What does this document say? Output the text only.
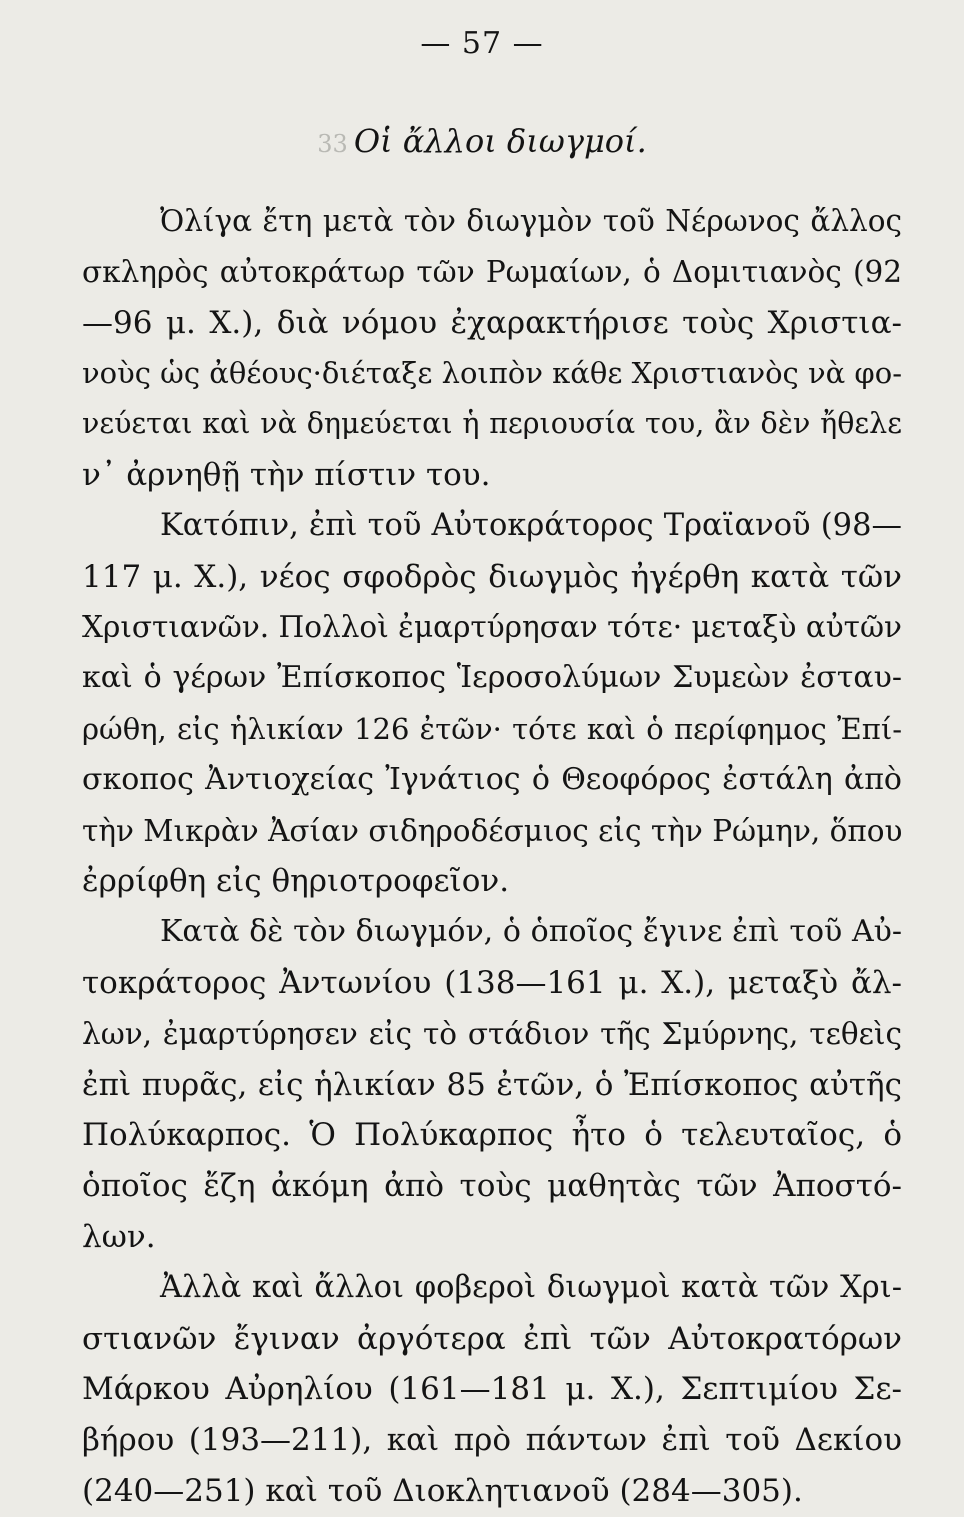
— 57 —
33 Οἱ ἄλλοι διωγμοί.
Ὀλίγα ἔτη μετὰ τὸν διωγμὸν τοῦ Νέρωνος ἄλλος
σκληρὸς αὐτοκράτωρ τῶν Ρωμαίων, ὁ Δομιτιανὸς (92
—96 μ. Χ.), διὰ νόμου ἐχαρακτήρισε τοὺς Χριστια-
νοὺς ὡς ἀθέους·διέταξε λοιπὸν κάθε Χριστιανὸς νὰ φο-
νεύεται καὶ νὰ δημεύεται ἡ περιουσία του, ἂν δὲν ἤθελε
ν᾽ ἀρνηθῇ τὴν πίστιν του.
Κατόπιν, ἐπὶ τοῦ Αὐτοκράτορος Τραϊανοῦ (98—
117 μ. Χ.), νέος σφοδρὸς διωγμὸς ἠγέρθη κατὰ τῶν
Χριστιανῶν. Πολλοὶ ἐμαρτύρησαν τότε· μεταξὺ αὐτῶν
καὶ ὁ γέρων Ἐπίσκοπος Ἱεροσολύμων Συμεὼν ἐσταυ-
ρώθη, εἰς ἡλικίαν 126 ἐτῶν· τότε καὶ ὁ περίφημος Ἐπί-
σκοπος Ἀντιοχείας Ἰγνάτιος ὁ Θεοφόρος ἐστάλη ἀπὸ
τὴν Μικρὰν Ἀσίαν σιδηροδέσμιος εἰς τὴν Ρώμην, ὅπου
ἐρρίφθη εἰς θηριοτροφεῖον.
Κατὰ δὲ τὸν διωγμόν, ὁ ὁποῖος ἔγινε ἐπὶ τοῦ Αὐ-
τοκράτορος Ἀντωνίου (138—161 μ. Χ.), μεταξὺ ἄλ-
λων, ἐμαρτύρησεν εἰς τὸ στάδιον τῆς Σμύρνης, τεθεὶς
ἐπὶ πυρᾶς, εἰς ἡλικίαν 85 ἐτῶν, ὁ Ἐπίσκοπος αὐτῆς
Πολύκαρπος. Ὁ Πολύκαρπος ἦτο ὁ τελευταῖος, ὁ
ὁποῖος ἔζη ἀκόμη ἀπὸ τοὺς μαθητὰς τῶν Ἀποστό-
λων.
Ἀλλὰ καὶ ἄλλοι φοβεροὶ διωγμοὶ κατὰ τῶν Χρι-
στιανῶν ἔγιναν ἀργότερα ἐπὶ τῶν Αὐτοκρατόρων
Μάρκου Αὐρηλίου (161—181 μ. Χ.), Σεπτιμίου Σε-
βήρου (193—211), καὶ πρὸ πάντων ἐπὶ τοῦ Δεκίου
(240—251) καὶ τοῦ Διοκλητιανοῦ (284—305).
